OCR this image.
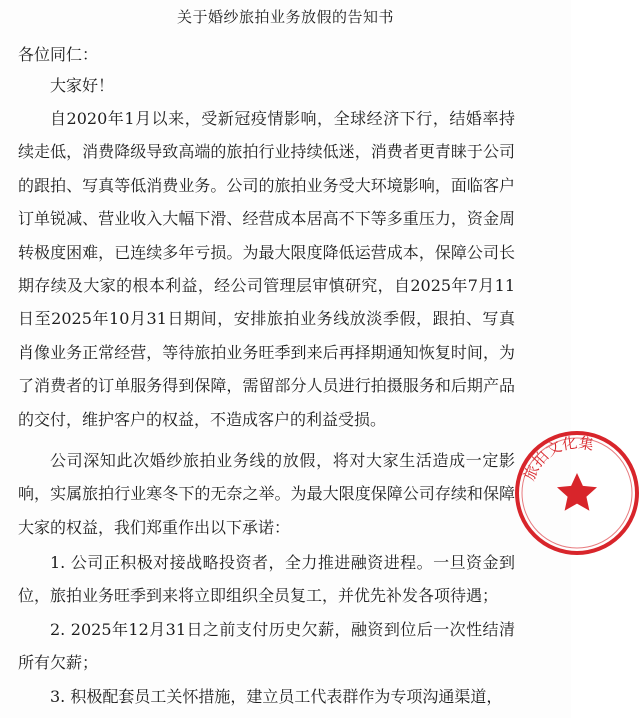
关于婚纱旅拍业务放假的告知书
各位同仁：
大家好！

自2020年1月以来，受新冠疫情影响，全球经济下行，结婚率持续走低，消费降级导致高端的旅拍行业持续低迷，消费者更青睐于公司的跟拍、写真等低消费业务。公司的旅拍业务受大环境影响，面临客户订单锐减、营业收入大幅下滑、经营成本居高不下等多重压力，资金周转极度困难，已连续多年亏损。为最大限度降低运营成本，保障公司长期存续及大家的根本利益，经公司管理层审慎研究，自2025年7月11日至2025年10月31日期间，安排旅拍业务线放淡季假，跟拍、写真肖像业务正常经营，等待旅拍业务旺季到来后再择期通知恢复时间，为了消费者的订单服务得到保障，需留部分人员进行拍摄服务和后期产品的交付，维护客户的权益，不造成客户的利益受损。

公司深知此次婚纱旅拍业务线的放假，将对大家生活造成一定影响，实属旅拍行业寒冬下的无奈之举。为最大限度保障公司存续和保障大家的权益，我们郑重作出以下承诺：

1. 公司正积极对接战略投资者，全力推进融资进程。一旦资金到位，旅拍业务旺季到来将立即组织全员复工，并优先补发各项待遇；

2. 2025年12月31日之前支付历史欠薪，融资到位后一次性结清所有欠薪；

3. 积极配套员工关怀措施，建立员工代表群作为专项沟通渠道，

旅拍文化集
